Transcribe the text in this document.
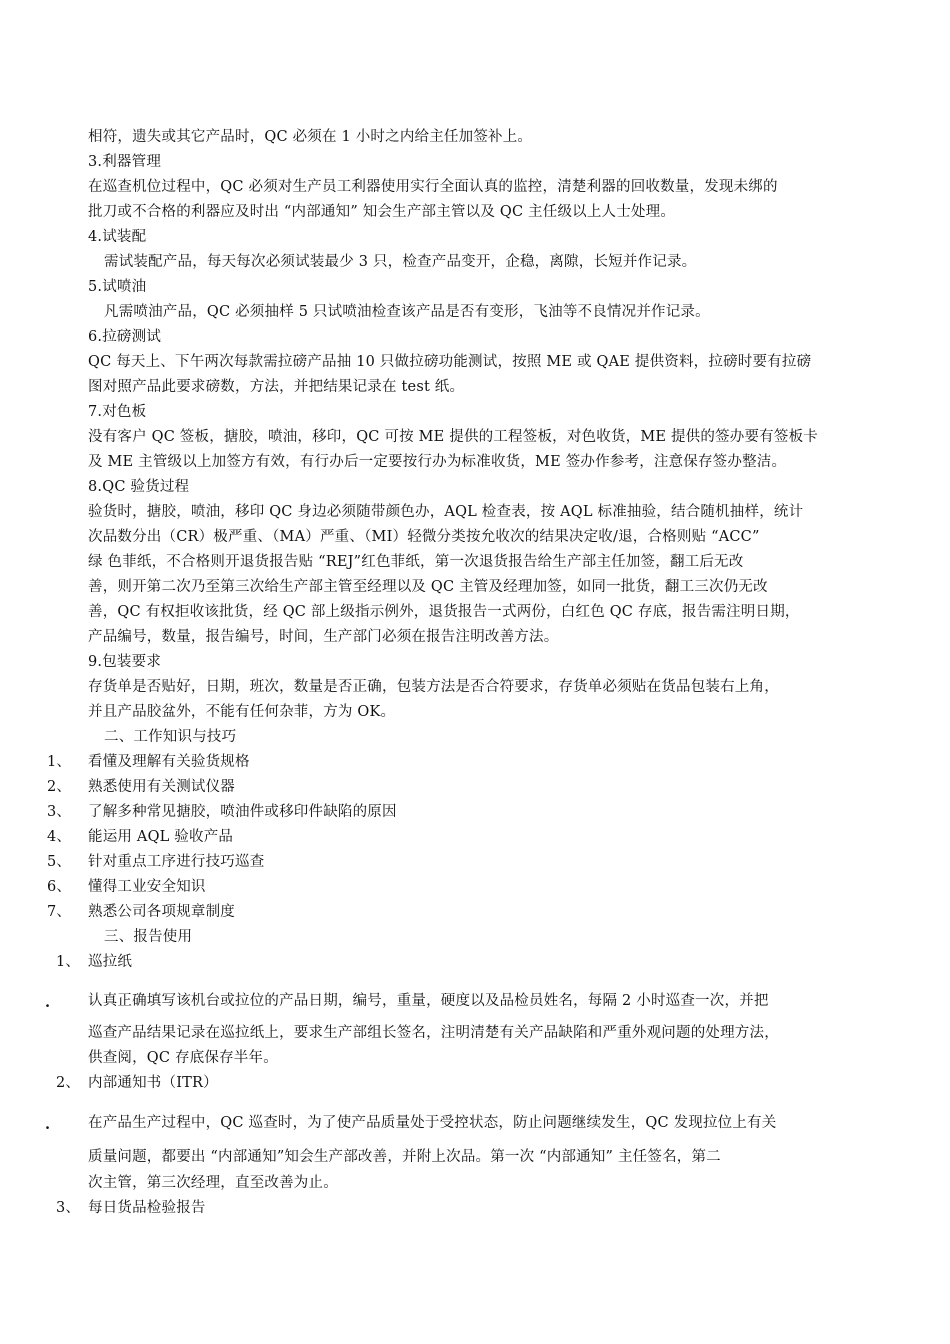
相符，遗失或其它产品时，QC 必须在 1 小时之内给主任加签补上。
3.利器管理
在巡查机位过程中，QC 必须对生产员工利器使用实行全面认真的监控，清楚利器的回收数量，发现未绑的
批刀或不合格的利器应及时出 “内部通知” 知会生产部主管以及 QC 主任级以上人士处理。
4.试装配
需试装配产品，每天每次必须试装最少 3 只，检查产品变开，企稳，离隙，长短并作记录。
5.试喷油
凡需喷油产品，QC 必须抽样 5 只试喷油检查该产品是否有变形，飞油等不良情况并作记录。
6.拉磅测试
QC 每天上、下午两次每款需拉磅产品抽 10 只做拉磅功能测试，按照 ME 或 QAE 提供资料，拉磅时要有拉磅
图对照产品此要求磅数，方法，并把结果记录在 test 纸。
7.对色板
没有客户 QC 签板，搪胶，喷油，移印，QC 可按 ME 提供的工程签板，对色收货，ME 提供的签办要有签板卡
及 ME 主管级以上加签方有效，有行办后一定要按行办为标准收货，ME 签办作参考，注意保存签办整洁。
8.QC 验货过程
验货时，搪胶，喷油，移印 QC 身边必须随带颜色办，AQL 检查表，按 AQL 标准抽验，结合随机抽样，统计
次品数分出（CR）极严重、（MA）严重、（MI）轻微分类按允收次的结果决定收/退，合格则贴 “ACC”
绿 色菲纸，不合格则开退货报告贴 “REJ”红色菲纸，第一次退货报告给生产部主任加签，翻工后无改
善，则开第二次乃至第三次给生产部主管至经理以及 QC 主管及经理加签，如同一批货，翻工三次仍无改
善，QC 有权拒收该批货，经 QC 部上级指示例外，退货报告一式两份，白红色 QC 存底，报告需注明日期，
产品编号，数量，报告编号，时间，生产部门必须在报告注明改善方法。
9.包装要求
存货单是否贴好，日期，班次，数量是否正确，包装方法是否合符要求，存货单必须贴在货品包装右上角，
并且产品胶盆外，不能有任何杂菲，方为 OK。
二、工作知识与技巧
1、 看懂及理解有关验货规格
2、 熟悉使用有关测试仪器
3、 了解多种常见搪胶，喷油件或移印件缺陷的原因
4、 能运用 AQL 验收产品
5、 针对重点工序进行技巧巡查
6、 懂得工业安全知识
7、 熟悉公司各项规章制度
三、报告使用
1、 巡拉纸
.	认真正确填写该机台或拉位的产品日期，编号，重量，硬度以及品检员姓名，每隔 2 小时巡查一次，并把
巡查产品结果记录在巡拉纸上，要求生产部组长签名，注明清楚有关产品缺陷和严重外观问题的处理方法，
供查阅，QC 存底保存半年。
2、 内部通知书（ITR）
.	在产品生产过程中，QC 巡查时，为了使产品质量处于受控状态，防止问题继续发生，QC 发现拉位上有关
质量问题，都要出 “内部通知”知会生产部改善，并附上次品。第一次 “内部通知” 主任签名，第二
次主管，第三次经理，直至改善为止。
3、 每日货品检验报告
